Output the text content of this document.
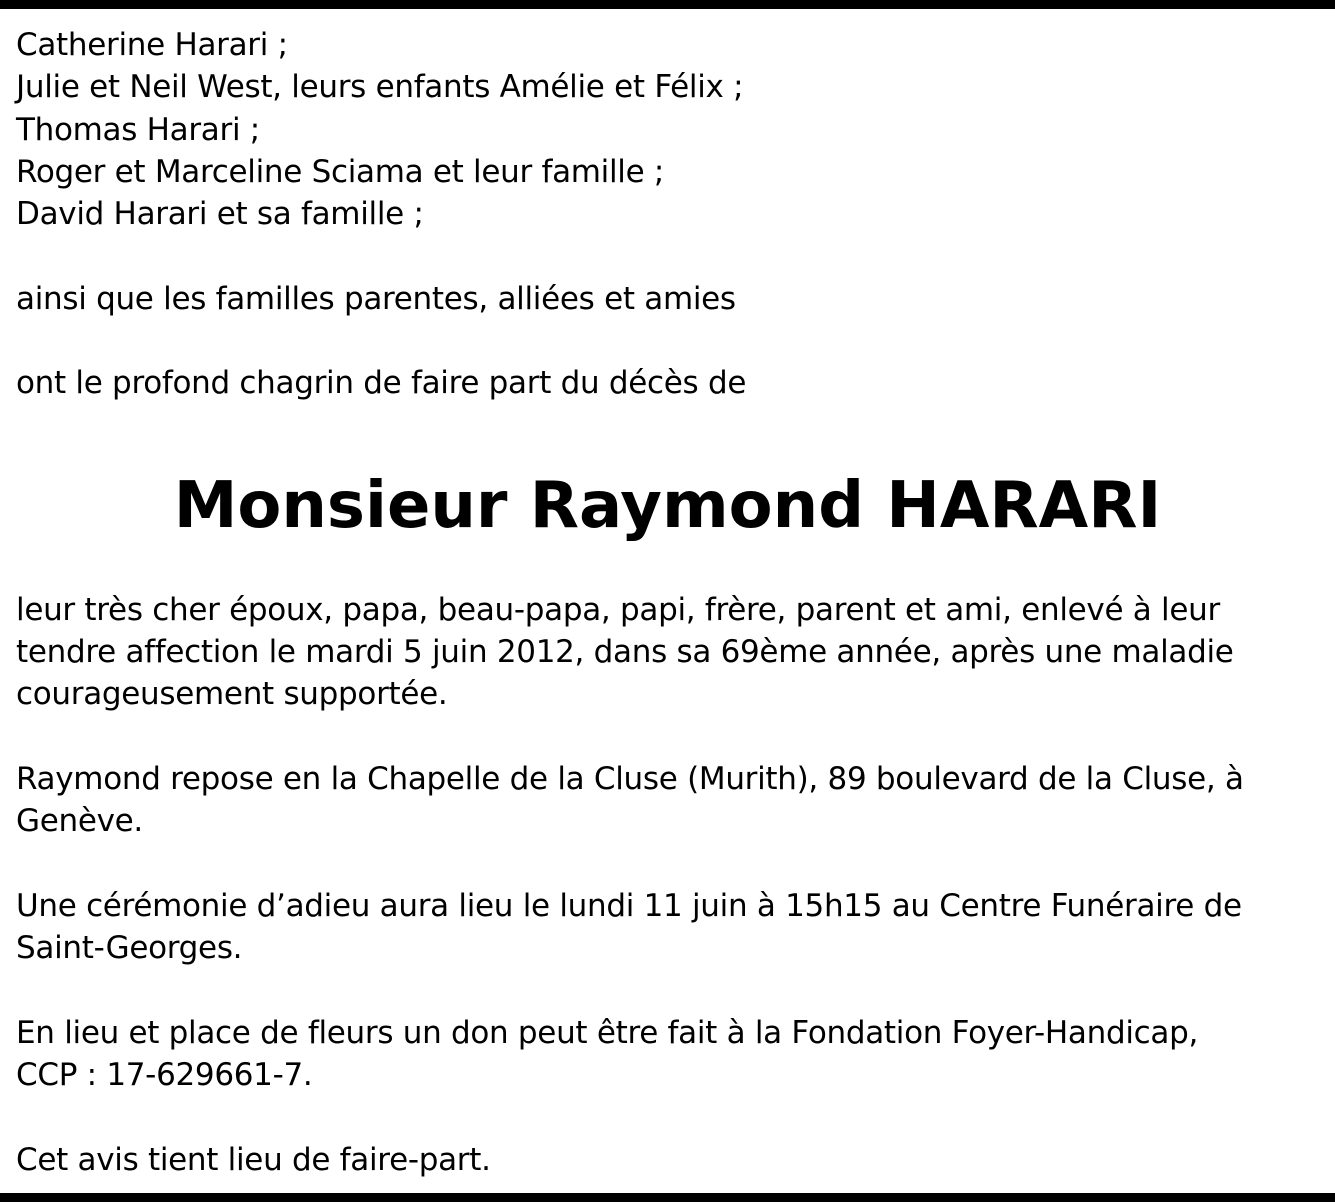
Catherine Harari ;
Julie et Neil West, leurs enfants Amélie et Félix ;
Thomas Harari ;
Roger et Marceline Sciama et leur famille ;
David Harari et sa famille ;
ainsi que les familles parentes, alliées et amies
ont le profond chagrin de faire part du décès de
Monsieur Raymond HARARI
leur très cher époux, papa, beau-papa, papi, frère, parent et ami, enlevé à leur
tendre affection le mardi 5 juin 2012, dans sa 69ème année, après une maladie
courageusement supportée.
Raymond repose en la Chapelle de la Cluse (Murith), 89 boulevard de la Cluse, à
Genève.
Une cérémonie d’adieu aura lieu le lundi 11 juin à 15h15 au Centre Funéraire de
Saint-Georges.
En lieu et place de fleurs un don peut être fait à la Fondation Foyer-Handicap,
CCP : 17-629661-7.
Cet avis tient lieu de faire-part.
